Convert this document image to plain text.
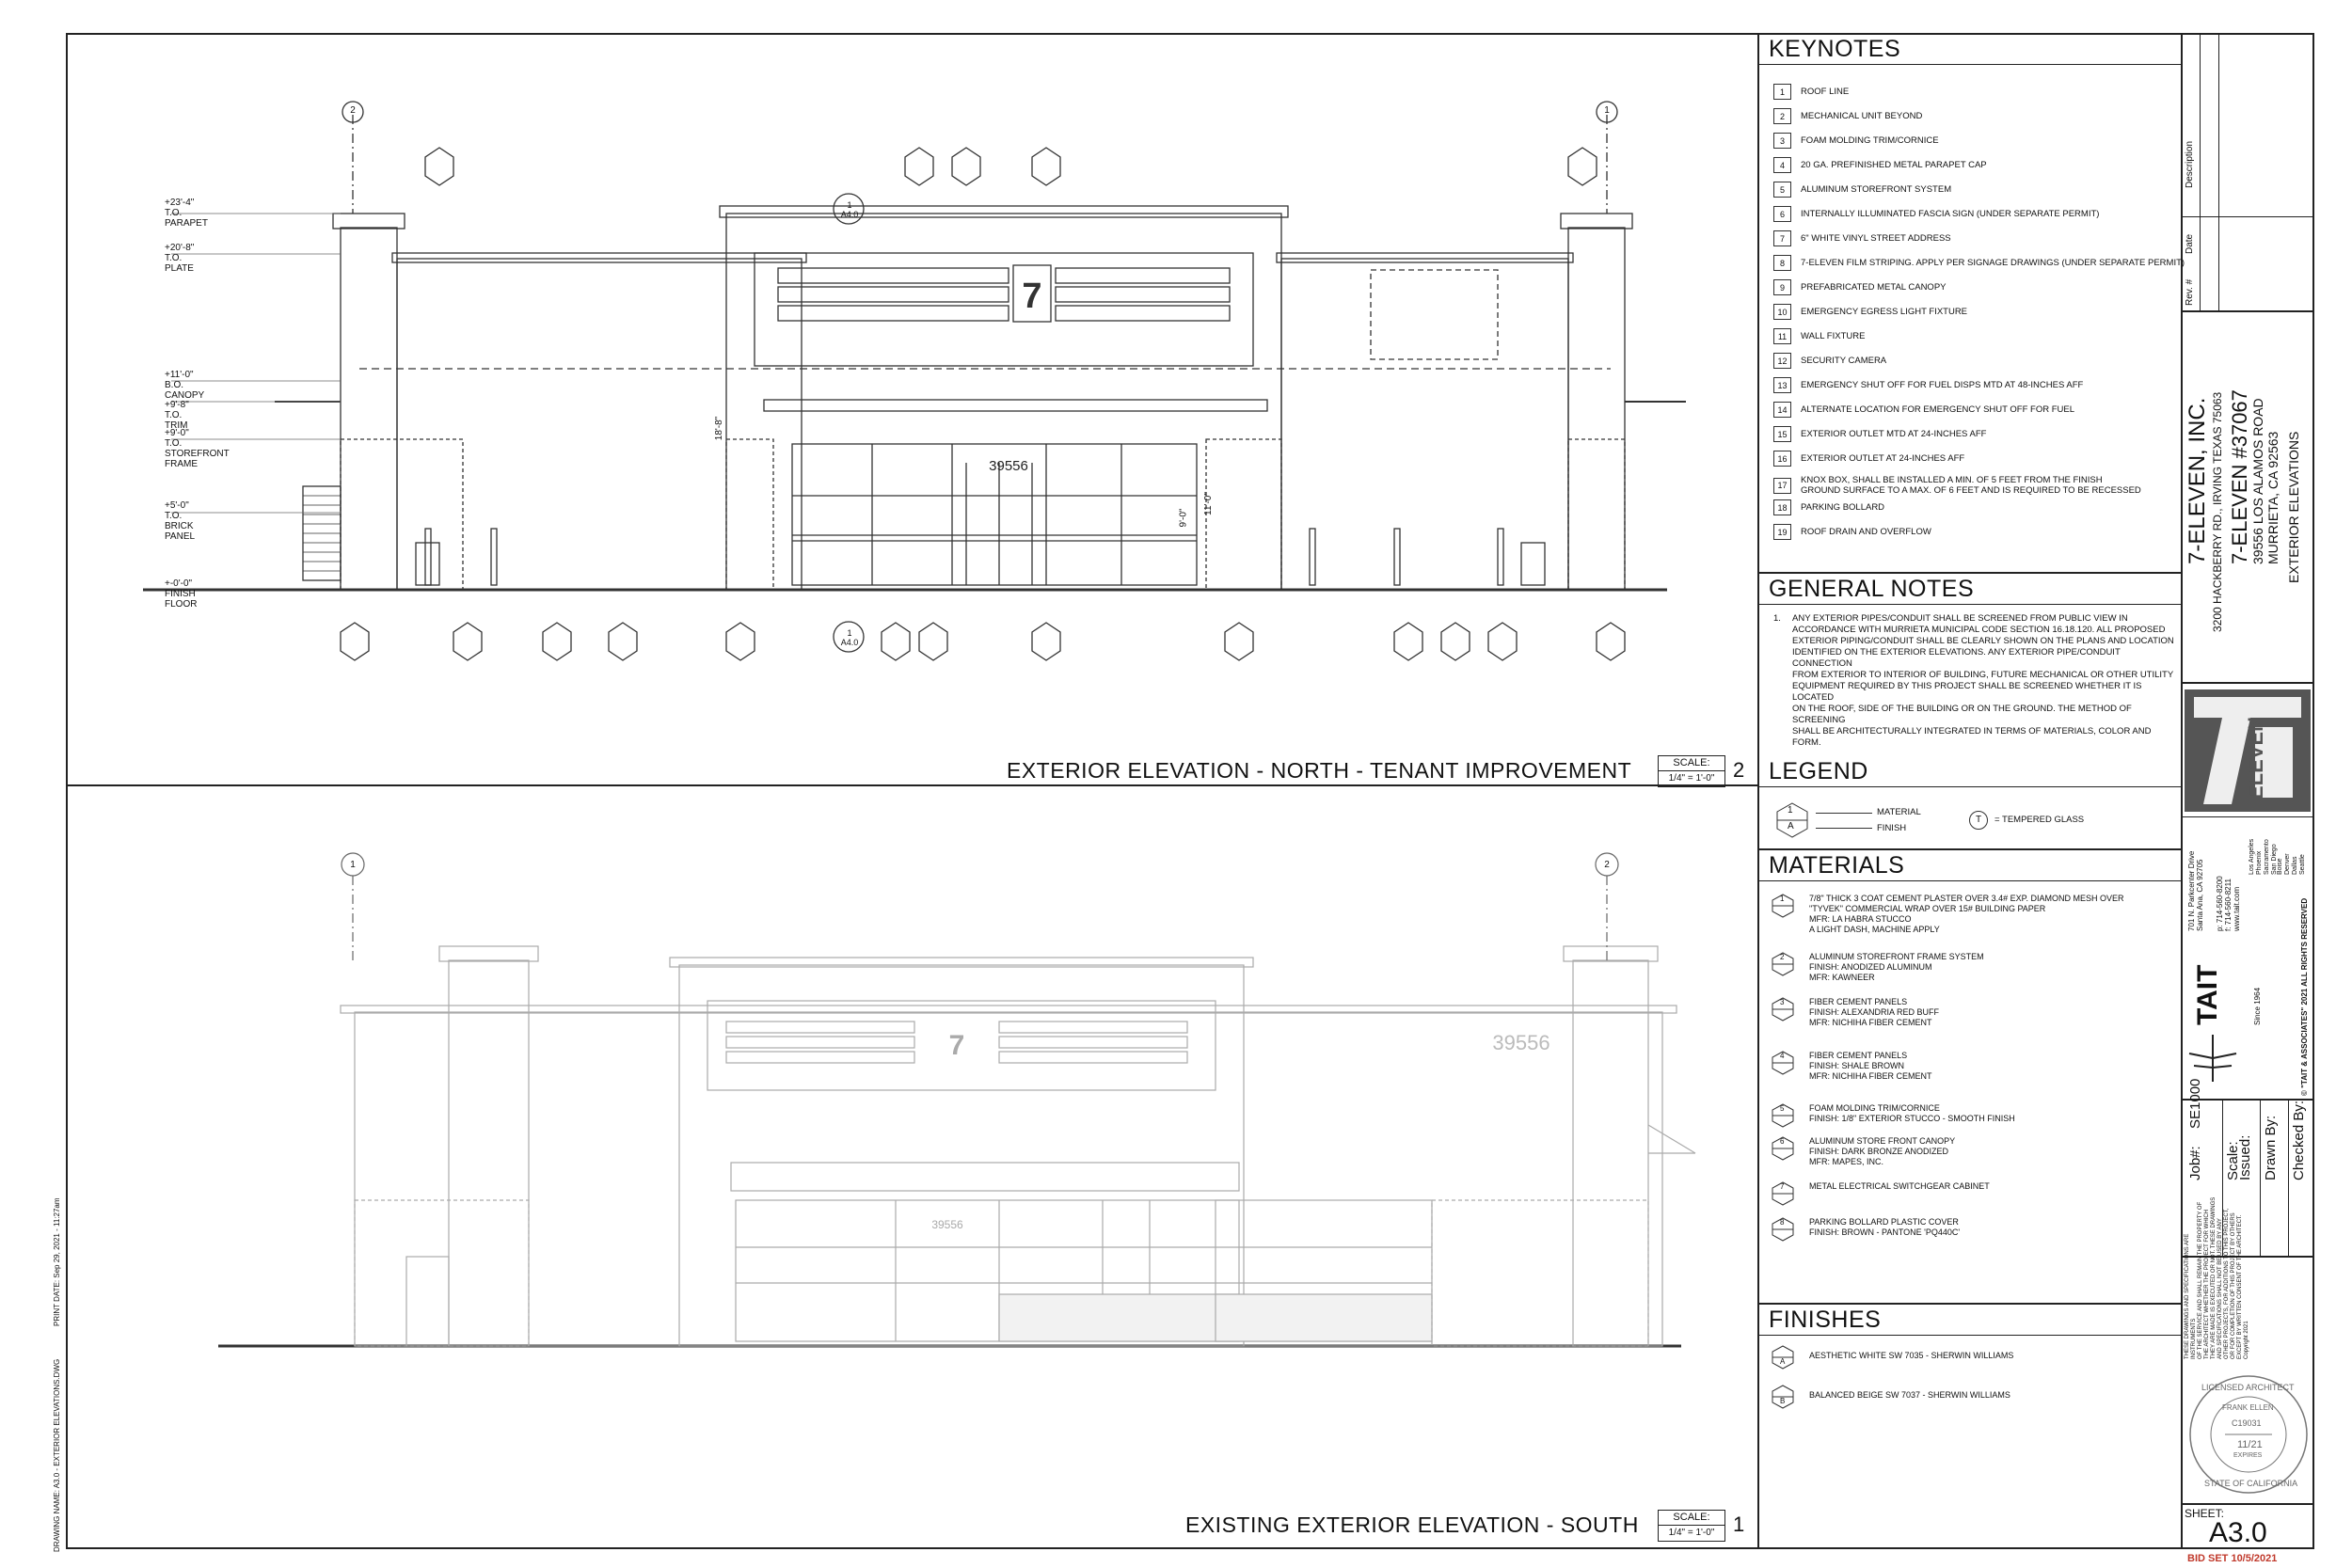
7
39556
+23'-4"
T.O. PARAPET
+20'-8"
T.O. PLATE
+11'-0"
B.O. CANOPY
+9'-8"
T.O. TRIM
+9'-0"
T.O. STOREFRONT
FRAME
+5'-0"
T.O. BRICK PANEL
+-0'-0"
FINISH
FLOOR
2	1
1
A4.0
1
A4.0
18'-8"
11'-0"
9'-0"
EXTERIOR ELEVATION - NORTH - TENANT IMPROVEMENT	SCALE:
1/4" = 1'-0" 2
7	39556
39556
1	2
EXISTING EXTERIOR ELEVATION - SOUTH	SCALE:
1/4" = 1'-0" 1
KEYNOTES
1	ROOF LINE
2	MECHANICAL UNIT BEYOND
3	FOAM MOLDING TRIM/CORNICE
4	20 GA. PREFINISHED METAL PARAPET CAP
5	ALUMINUM STOREFRONT SYSTEM
6	INTERNALLY ILLUMINATED FASCIA SIGN (UNDER SEPARATE PERMIT)
7	6" WHITE VINYL STREET ADDRESS
8	7-ELEVEN FILM STRIPING. APPLY PER SIGNAGE DRAWINGS (UNDER SEPARATE PERMIT)
9	PREFABRICATED METAL CANOPY
10	EMERGENCY EGRESS LIGHT FIXTURE
11	WALL FIXTURE
12	SECURITY CAMERA
13	EMERGENCY SHUT OFF FOR FUEL DISPS MTD AT 48-INCHES AFF
14	ALTERNATE LOCATION FOR EMERGENCY SHUT OFF FOR FUEL
15	EXTERIOR OUTLET MTD AT 24-INCHES AFF
16	EXTERIOR OUTLET AT 24-INCHES AFF
17	KNOX BOX, SHALL BE INSTALLED A MIN. OF 5 FEET FROM THE FINISH
GROUND SURFACE TO A MAX. OF 6 FEET AND IS REQUIRED TO BE RECESSED
18	PARKING BOLLARD
19	ROOF DRAIN AND OVERFLOW
GENERAL NOTES
1. ANY EXTERIOR PIPES/CONDUIT SHALL BE SCREENED FROM PUBLIC VIEW IN
ACCORDANCE WITH MURRIETA MUNICIPAL CODE SECTION 16.18.120. ALL PROPOSED
EXTERIOR PIPING/CONDUIT SHALL BE CLEARLY SHOWN ON THE PLANS AND LOCATION
IDENTIFIED ON THE EXTERIOR ELEVATIONS. ANY EXTERIOR PIPE/CONDUIT CONNECTION
FROM EXTERIOR TO INTERIOR OF BUILDING, FUTURE MECHANICAL OR OTHER UTILITY
EQUIPMENT REQUIRED BY THIS PROJECT SHALL BE SCREENED WHETHER IT IS LOCATED
ON THE ROOF, SIDE OF THE BUILDING OR ON THE GROUND. THE METHOD OF SCREENING
SHALL BE ARCHITECTURALLY INTEGRATED IN TERMS OF MATERIALS, COLOR AND FORM.
LEGEND
1
A
MATERIAL
FINISH
T	= TEMPERED GLASS
MATERIALS
1	7/8" THICK 3 COAT CEMENT PLASTER OVER 3.4# EXP. DIAMOND MESH OVER
"TYVEK" COMMERCIAL WRAP OVER 15# BUILDING PAPER
MFR: LA HABRA STUCCO
A LIGHT DASH, MACHINE APPLY
2	ALUMINUM STOREFRONT FRAME SYSTEM
FINISH: ANODIZED ALUMINUM
MFR: KAWNEER
3	FIBER CEMENT PANELS
FINISH: ALEXANDRIA RED BUFF
MFR: NICHIHA FIBER CEMENT
4	FIBER CEMENT PANELS
FINISH: SHALE BROWN
MFR: NICHIHA FIBER CEMENT
5	FOAM MOLDING TRIM/CORNICE
FINISH: 1/8" EXTERIOR STUCCO - SMOOTH FINISH
6	ALUMINUM STORE FRONT CANOPY
FINISH: DARK BRONZE ANODIZED
MFR: MAPES, INC.
7	METAL ELECTRICAL SWITCHGEAR CABINET
8	PARKING BOLLARD PLASTIC COVER
FINISH: BROWN - PANTONE 'PQ440C'
FINISHES
A
AESTHETIC WHITE SW 7035 - SHERWIN WILLIAMS
B
BALANCED BEIGE SW 7037 - SHERWIN WILLIAMS
Rev. #
Date
Description
7-ELEVEN, INC. 3200 HACKBERRY RD., IRVING TEXAS 75063 7-ELEVEN #37067 39556 LOS ALAMOS ROAD MURRIETA, CA 92563 EXTERIOR ELEVATIONS
ELEVEN
701 N. Parkcenter Drive
Santa Ana, CA 92705
p: 714-560-8200
f: 714-560-8211
www.tait.com
Los Angeles
Phoenix
Sacramento
San Diego
Boise
Denver
Dallas
Seattle
TAIT	Since 1964	© "TAIT & ASSOCIATES" 2021 ALL RIGHTS RESERVED
Job#:
SE1000
Scale:
Issued: Drawn By: Checked By:
THESE DRAWINGS AND SPECIFICATIONS ARE INSTRUMENTS
OF THE SERVICE AND SHALL REMAIN THE PROPERTY OF
THE ARCHITECT WHETHER THE PROJECT FOR WHICH
THEY ARE MADE IS EXECUTED OR NOT. THESE DRAWINGS
AND SPECIFICATIONS SHALL NOT BE USED BY ANY
OTHER PROJECTS, FOR ADDITIONS TO THIS PROJECT,
OR FOR COMPLETION OF THIS PROJECT BY OTHERS
EXCEPT BY WRITTEN CONSENT OF THE ARCHITECT.
Copyright 2021
LICENSED ARCHITECT
FRANK ELLEN
C19031
11/21
EXPIRES
STATE OF CALIFORNIA
SHEET:
A3.0
BID SET 10/5/2021
PRINT DATE: Sep 29, 2021 - 11:27am
DRAWING NAME: A3.0 - EXTERIOR ELEVATIONS.DWG
